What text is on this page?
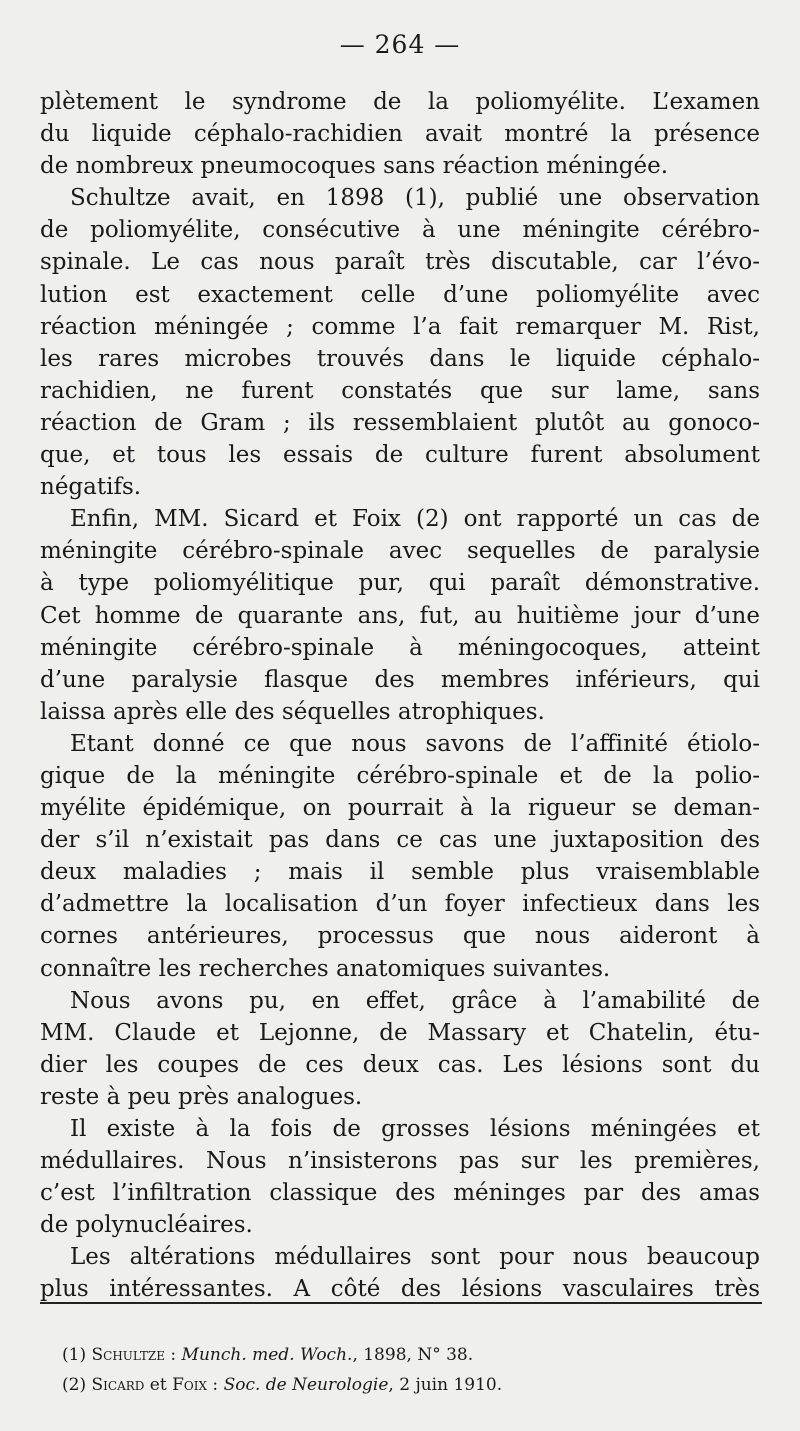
— 264 —
plètement le syndrome de la poliomyélite. L’examen
du liquide céphalo-rachidien avait montré la présence
de nombreux pneumocoques sans réaction méningée.
Schultze avait, en 1898 (1), publié une observation
de poliomyélite, consécutive à une méningite cérébro-
spinale. Le cas nous paraît très discutable, car l’évo-
lution est exactement celle d’une poliomyélite avec
réaction méningée ; comme l’a fait remarquer M. Rist,
les rares microbes trouvés dans le liquide céphalo-
rachidien, ne furent constatés que sur lame, sans
réaction de Gram ; ils ressemblaient plutôt au gonoco-
que, et tous les essais de culture furent absolument
négatifs.
Enfin, MM. Sicard et Foix (2) ont rapporté un cas de
méningite cérébro-spinale avec sequelles de paralysie
à type poliomyélitique pur, qui paraît démonstrative.
Cet homme de quarante ans, fut, au huitième jour d’une
méningite cérébro-spinale à méningocoques, atteint
d’une paralysie flasque des membres inférieurs, qui
laissa après elle des séquelles atrophiques.
Etant donné ce que nous savons de l’affinité étiolo-
gique de la méningite cérébro-spinale et de la polio-
myélite épidémique, on pourrait à la rigueur se deman-
der s’il n’existait pas dans ce cas une juxtaposition des
deux maladies ; mais il semble plus vraisemblable
d’admettre la localisation d’un foyer infectieux dans les
cornes antérieures, processus que nous aideront à
connaître les recherches anatomiques suivantes.
Nous avons pu, en effet, grâce à l’amabilité de
MM. Claude et Lejonne, de Massary et Chatelin, étu-
dier les coupes de ces deux cas. Les lésions sont du
reste à peu près analogues.
Il existe à la fois de grosses lésions méningées et
médullaires. Nous n’insisterons pas sur les premières,
c’est l’infiltration classique des méninges par des amas
de polynucléaires.
Les altérations médullaires sont pour nous beaucoup
plus intéressantes. A côté des lésions vasculaires très
(1) Schultze : Munch. med. Woch., 1898, N° 38.
(2) Sicard et Foix : Soc. de Neurologie, 2 juin 1910.
